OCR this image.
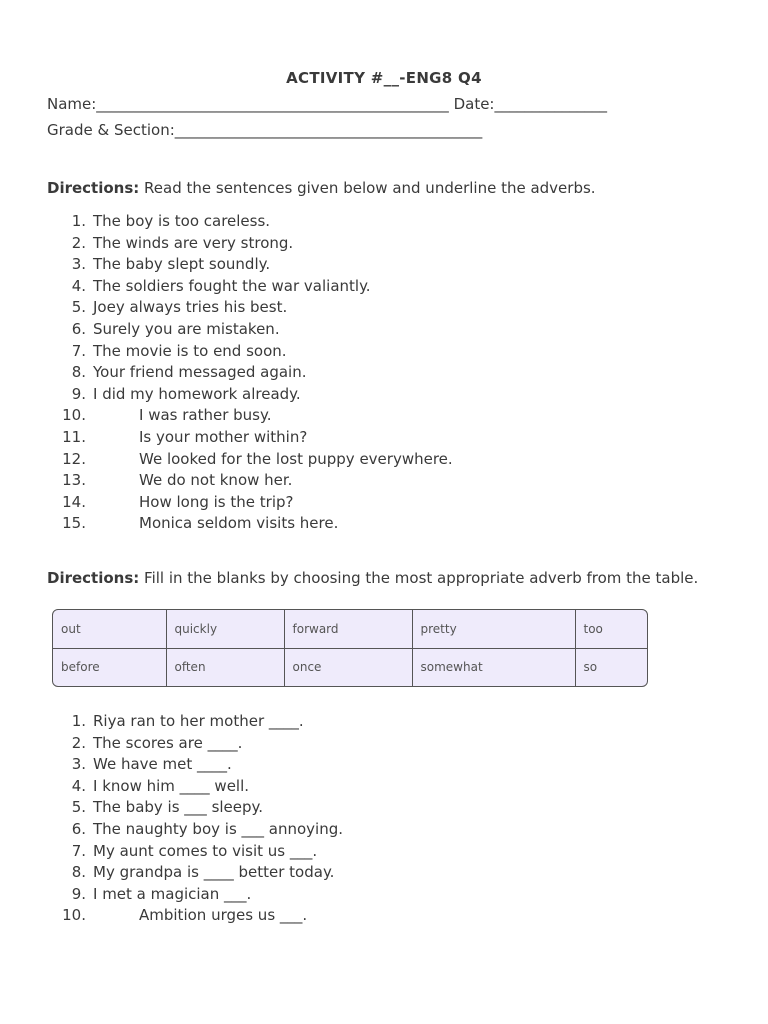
ACTIVITY #__-ENG8 Q4
Name:_______________________________________________ Date:_______________
Grade & Section:_________________________________________
Directions: Read the sentences given below and underline the adverbs.
1. The boy is too careless.
2. The winds are very strong.
3. The baby slept soundly.
4. The soldiers fought the war valiantly.
5. Joey always tries his best.
6. Surely you are mistaken.
7. The movie is to end soon.
8. Your friend messaged again.
9. I did my homework already.
10.	I was rather busy.
11.	Is your mother within?
12.	We looked for the lost puppy everywhere.
13.	We do not know her.
14.	How long is the trip?
15.	Monica seldom visits here.
Directions: Fill in the blanks by choosing the most appropriate adverb from the table.
out	quickly	forward	pretty	too
before	often	once	somewhat	so
1. Riya ran to her mother ____.
2. The scores are ____.
3. We have met ____.
4. I know him ____ well.
5. The baby is ___ sleepy.
6. The naughty boy is ___ annoying.
7. My aunt comes to visit us ___.
8. My grandpa is ____ better today.
9. I met a magician ___.
10.	Ambition urges us ___.
